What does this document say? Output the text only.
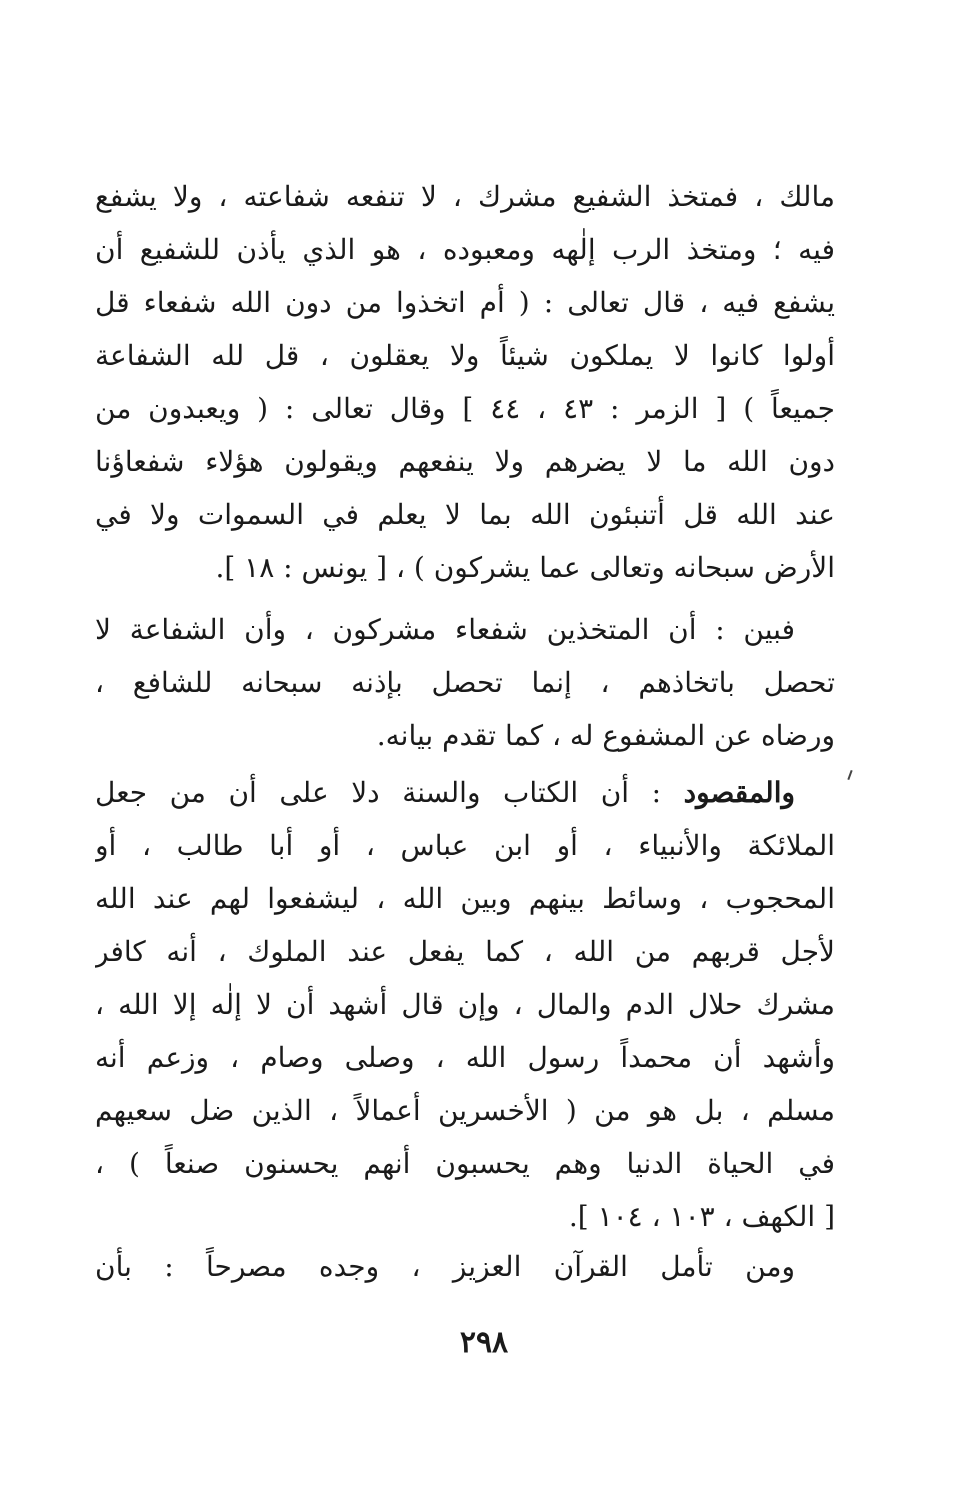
مالك ، فمتخذ الشفيع مشرك ، لا تنفعه شفاعته ، ولا يشفع
فيه ؛ ومتخذ الرب إلٰهه ومعبوده ، هو الذي يأذن للشفيع أن
يشفع فيه ، قال تعالى : ( أم اتخذوا من دون الله شفعاء قل
أولوا كانوا لا يملكون شيئاً ولا يعقلون ، قل لله الشفاعة
جميعاً ) [ الزمر : ٤٣ ، ٤٤ ] وقال تعالى : ( ويعبدون من
دون الله ما لا يضرهم ولا ينفعهم ويقولون هؤلاء شفعاؤنا
عند الله قل أتنبئون الله بما لا يعلم في السموات ولا في
الأرض سبحانه وتعالى عما يشركون ) ، [ يونس : ١٨ ].
فبين : أن المتخذين شفعاء مشركون ، وأن الشفاعة لا
تحصل باتخاذهم ، إنما تحصل بإذنه سبحانه للشافع ،
ورضاه عن المشفوع له ، كما تقدم بيانه.
والمقصود : أن الكتاب والسنة دلا على أن من جعل
الملائكة والأنبياء ، أو ابن عباس ، أو أبا طالب ، أو
المحجوب ، وسائط بينهم وبين الله ، ليشفعوا لهم عند الله
لأجل قربهم من الله ، كما يفعل عند الملوك ، أنه كافر
مشرك حلال الدم والمال ، وإن قال أشهد أن لا إلٰه إلا الله ،
وأشهد أن محمداً رسول الله ، وصلى وصام ، وزعم أنه
مسلم ، بل هو من ( الأخسرين أعمالاً ، الذين ضل سعيهم
في الحياة الدنيا وهم يحسبون أنهم يحسنون صنعاً ) ،
[ الكهف ، ١٠٣ ، ١٠٤ ].
ومن تأمل القرآن العزيز ، وجده مصرحاً : بأن
٢٩٨
